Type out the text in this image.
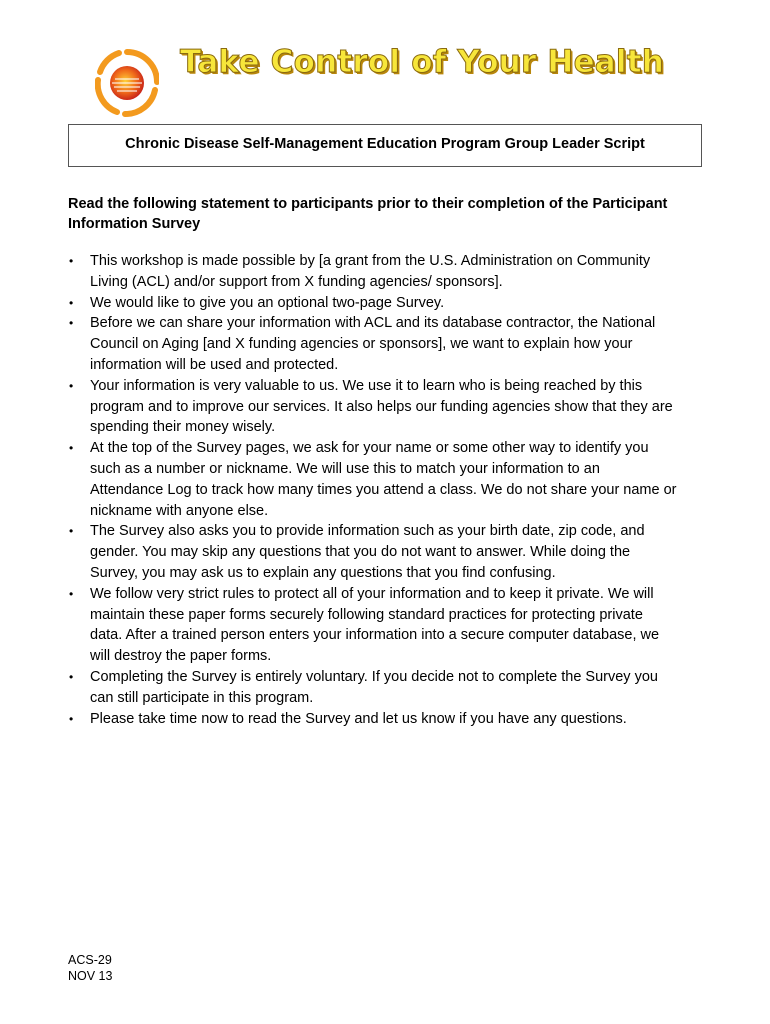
Take Control of Your Health
Chronic Disease Self-Management Education Program Group Leader Script
Read the following statement to participants prior to their completion of the Participant
Information Survey
• This workshop is made possible by [a grant from the U.S. Administration on Community
Living (ACL) and/or support from X funding agencies/ sponsors].
• We would like to give you an optional two-page Survey.
• Before we can share your information with ACL and its database contractor, the National
Council on Aging [and X funding agencies or sponsors], we want to explain how your
information will be used and protected.
• Your information is very valuable to us. We use it to learn who is being reached by this
program and to improve our services. It also helps our funding agencies show that they are
spending their money wisely.
• At the top of the Survey pages, we ask for your name or some other way to identify you
such as a number or nickname. We will use this to match your information to an
Attendance Log to track how many times you attend a class. We do not share your name or
nickname with anyone else.
• The Survey also asks you to provide information such as your birth date, zip code, and
gender. You may skip any questions that you do not want to answer. While doing the
Survey, you may ask us to explain any questions that you find confusing.
• We follow very strict rules to protect all of your information and to keep it private. We will
maintain these paper forms securely following standard practices for protecting private
data. After a trained person enters your information into a secure computer database, we
will destroy the paper forms.
• Completing the Survey is entirely voluntary. If you decide not to complete the Survey you
can still participate in this program.
• Please take time now to read the Survey and let us know if you have any questions.
ACS-29
NOV 13
